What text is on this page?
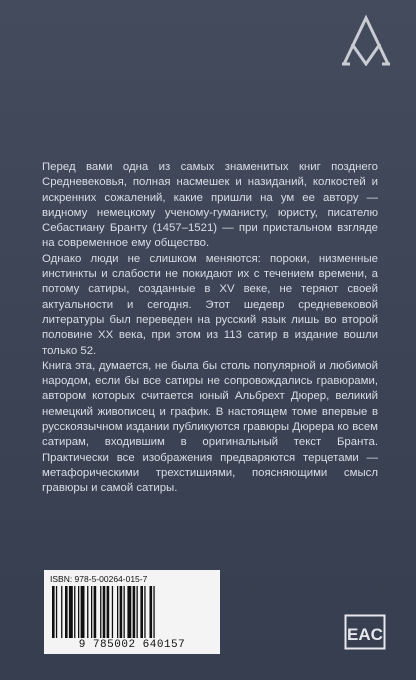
Перед вами одна из самых знаменитых книг позднего Средневековья, полная насмешек и назиданий, колкостей и искренних сожалений, какие пришли на ум ее автору — видному немецкому ученому-гуманисту, юристу, писателю Себастиану Бранту (1457–1521) — при пристальном взгляде на современное ему общество.

Однако люди не слишком меняются: пороки, низменные инстинкты и слабости не покидают их с течением времени, а потому сатиры, созданные в XV веке, не теряют своей актуальности и сегодня. Этот шедевр средневековой литературы был переведен на русский язык лишь во второй половине XX века, при этом из 113 сатир в издание вошли только 52.

Книга эта, думается, не была бы столь популярной и любимой народом, если бы все сатиры не сопровождались гравюрами, автором которых считается юный Альбрехт Дюрер, великий немецкий живописец и график. В настоящем томе впервые в русскоязычном издании публикуются гравюры Дюрера ко всем сатирам, входившим в оригинальный текст Бранта. Практически все изображения предваряются терцетами — метафорическими трехстишиями, поясняющими смысл гравюры и самой сатиры.

ISBN: 978-5-00264-015-7
9 785002 640157
EAC
